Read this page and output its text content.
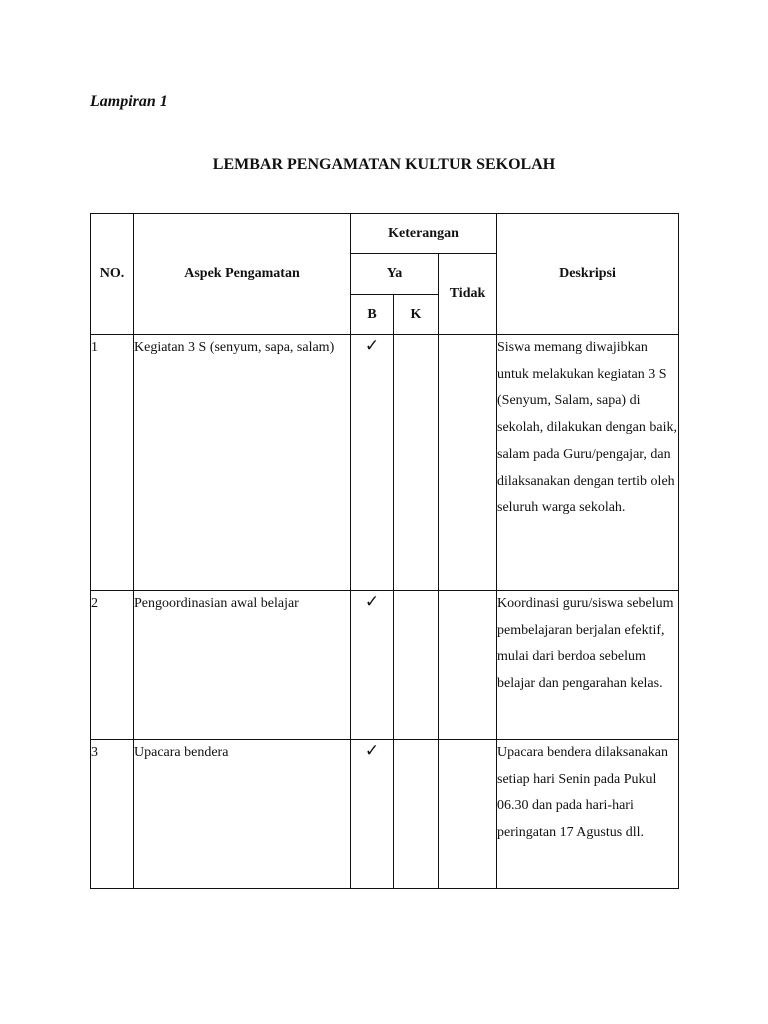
Lampiran 1
LEMBAR PENGAMATAN KULTUR SEKOLAH
NO.	Aspek Pengamatan	Keterangan			Deskripsi
		Ya		Tidak	
		B	K		
1	Kegiatan 3 S (senyum, sapa, salam)	✓			Siswa memang diwajibkan untuk melakukan kegiatan 3 S (Senyum, Salam, sapa) di sekolah, dilakukan dengan baik, salam pada Guru/pengajar, dan dilaksanakan dengan tertib oleh seluruh warga sekolah.
2	Pengoordinasian awal belajar	✓			Koordinasi guru/siswa sebelum pembelajaran berjalan efektif, mulai dari berdoa sebelum belajar dan pengarahan kelas.
3	Upacara bendera	✓			Upacara bendera dilaksanakan setiap hari Senin pada Pukul 06.30 dan pada hari-hari peringatan 17 Agustus dll.
